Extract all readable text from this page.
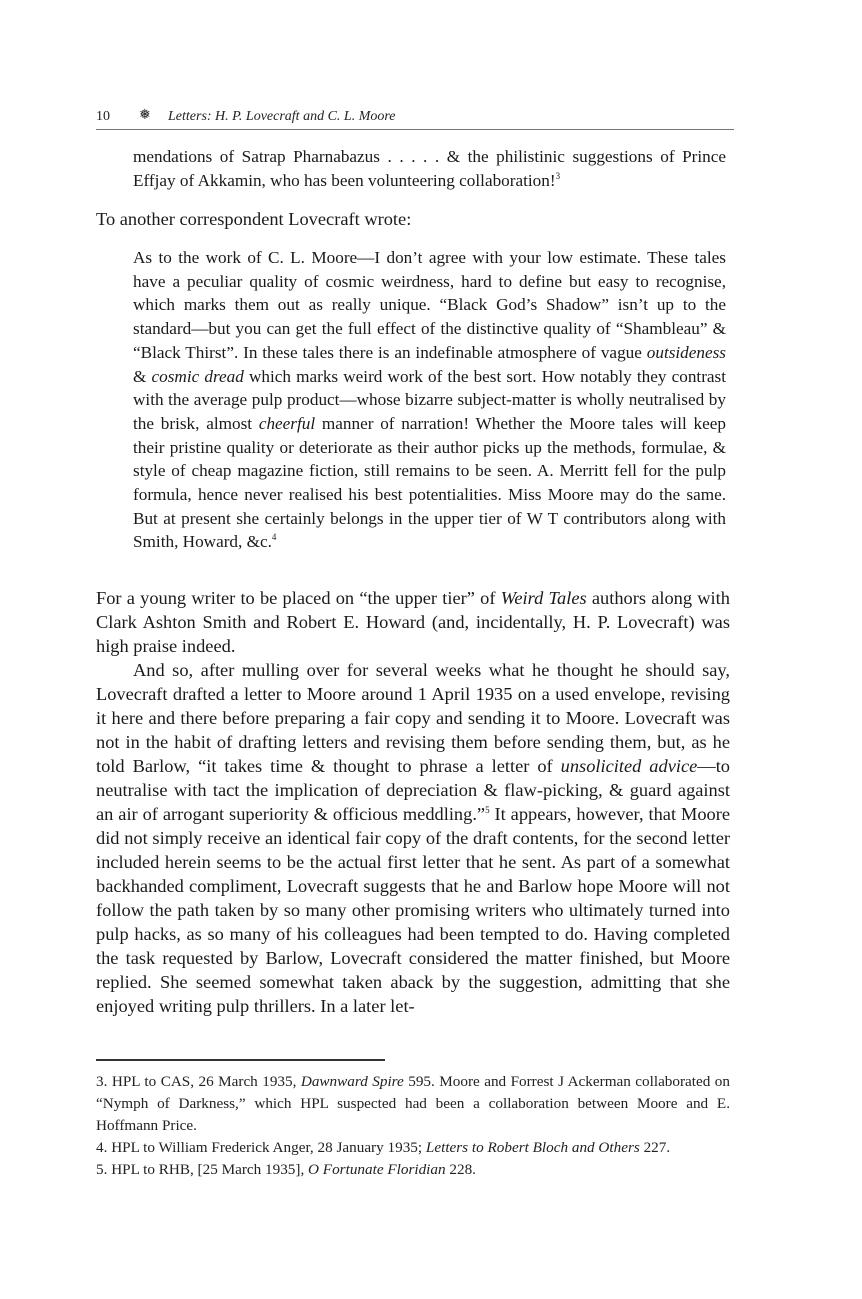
10 ❅ Letters: H. P. Lovecraft and C. L. Moore

mendations of Satrap Pharnabazus . . . . . & the philistinic suggestions of Prince Effjay of Akkamin, who has been volunteering collaboration!$^3$

To another correspondent Lovecraft wrote:

As to the work of C. L. Moore—I don’t agree with your low estimate. These tales have a peculiar quality of cosmic weirdness, hard to define but easy to recognise, which marks them out as really unique. “Black God’s Shadow” isn’t up to the standard—but you can get the full effect of the distinctive quality of “Shambleau” & “Black Thirst”. In these tales there is an indefinable atmosphere of vague outsideness & cosmic dread which marks weird work of the best sort. How notably they contrast with the average pulp product—whose bizarre subject-matter is wholly neutralised by the brisk, almost cheerful manner of narration! Whether the Moore tales will keep their pristine quality or deteriorate as their author picks up the methods, formulae, & style of cheap magazine fiction, still remains to be seen. A. Merritt fell for the pulp formula, hence never realised his best potentialities. Miss Moore may do the same. But at present she certainly belongs in the upper tier of W T contributors along with Smith, Howard, &c.$^4$

For a young writer to be placed on “the upper tier” of Weird Tales authors along with Clark Ashton Smith and Robert E. Howard (and, incidentally, H. P. Lovecraft) was high praise indeed.

And so, after mulling over for several weeks what he thought he should say, Lovecraft drafted a letter to Moore around 1 April 1935 on a used envelope, revising it here and there before preparing a fair copy and sending it to Moore. Lovecraft was not in the habit of drafting letters and revising them before sending them, but, as he told Barlow, “it takes time & thought to phrase a letter of unsolicited advice—to neutralise with tact the implication of depreciation & flaw-picking, & guard against an air of arrogant superiority & officious meddling.”$^5$ It appears, however, that Moore did not simply receive an identical fair copy of the draft contents, for the second letter included herein seems to be the actual first letter that he sent. As part of a somewhat backhanded compliment, Lovecraft suggests that he and Barlow hope Moore will not follow the path taken by so many other promising writers who ultimately turned into pulp hacks, as so many of his colleagues had been tempted to do. Having completed the task requested by Barlow, Lovecraft considered the matter finished, but Moore replied. She seemed somewhat taken aback by the suggestion, admitting that she enjoyed writing pulp thrillers. In a later let-

3. HPL to CAS, 26 March 1935, Dawnward Spire 595. Moore and Forrest J Ackerman collaborated on “Nymph of Darkness,” which HPL suspected had been a collaboration between Moore and E. Hoffmann Price.

4. HPL to William Frederick Anger, 28 January 1935; Letters to Robert Bloch and Others 227.

5. HPL to RHB, [25 March 1935], O Fortunate Floridian 228.
